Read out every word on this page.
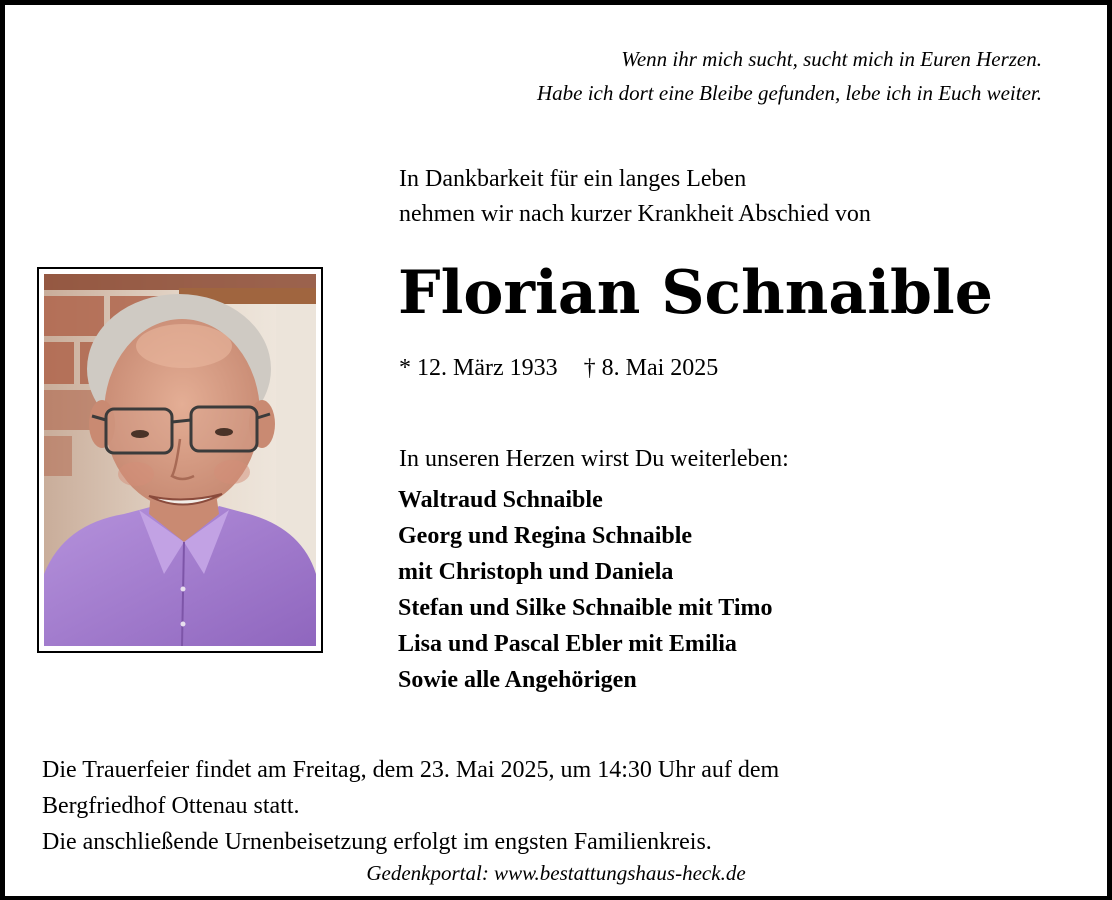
Wenn ihr mich sucht, sucht mich in Euren Herzen.
Habe ich dort eine Bleibe gefunden, lebe ich in Euch weiter.
In Dankbarkeit für ein langes Leben
nehmen wir nach kurzer Krankheit Abschied von
Florian Schnaible
* 12. März 1933 † 8. Mai 2025
In unseren Herzen wirst Du weiterleben:
Waltraud Schnaible
Georg und Regina Schnaible
mit Christoph und Daniela
Stefan und Silke Schnaible mit Timo
Lisa und Pascal Ebler mit Emilia
Sowie alle Angehörigen
Die Trauerfeier findet am Freitag, dem 23. Mai 2025, um 14:30 Uhr auf dem
Bergfriedhof Ottenau statt.
Die anschließende Urnenbeisetzung erfolgt im engsten Familienkreis.
Gedenkportal: www.bestattungshaus-heck.de
